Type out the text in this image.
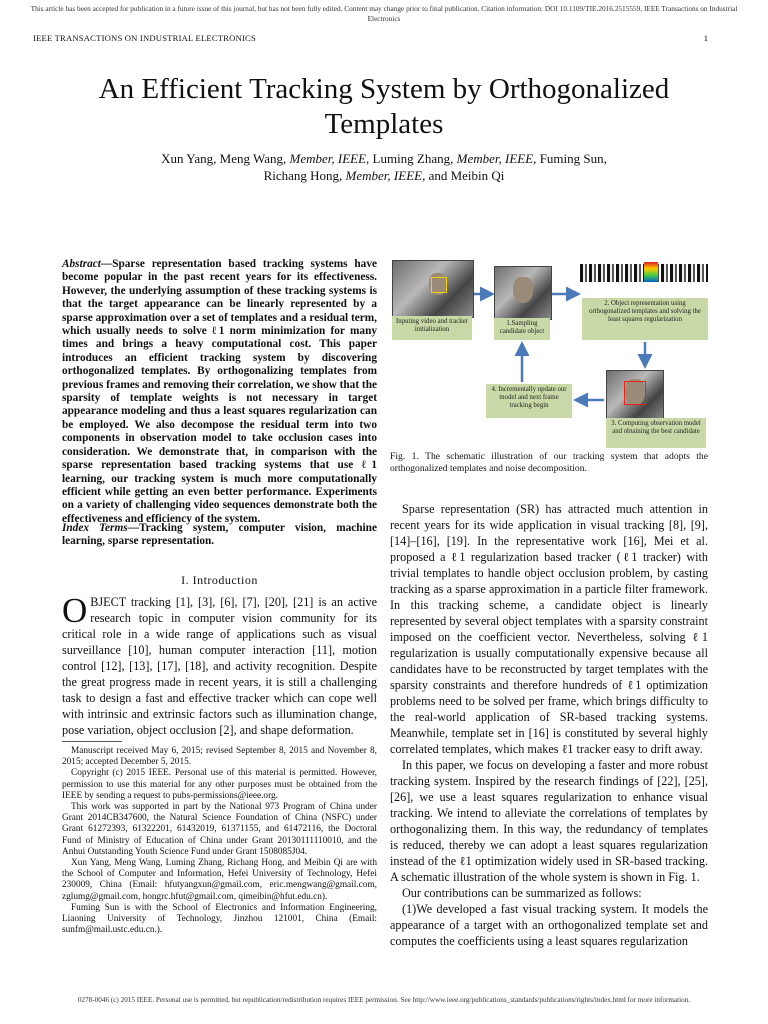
This article has been accepted for publication in a future issue of this journal, but has not been fully edited. Content may change prior to final publication. Citation information: DOI 10.1109/TIE.2016.2515559, IEEE Transactions on Industrial Electronics
IEEE TRANSACTIONS ON INDUSTRIAL ELECTRONICS	1
An Efficient Tracking System by Orthogonalized Templates
Xun Yang, Meng Wang, Member, IEEE, Luming Zhang, Member, IEEE, Fuming Sun,
Richang Hong, Member, IEEE, and Meibin Qi
Abstract—Sparse representation based tracking systems have become popular in the past recent years for its effectiveness. However, the underlying assumption of these tracking systems is that the target appearance can be linearly represented by a sparse approximation over a set of templates and a residual term, which usually needs to solve ℓ1 norm minimization for many times and brings a heavy computational cost. This paper introduces an efficient tracking system by discovering orthogonalized templates. By orthogonalizing templates from previous frames and removing their correlation, we show that the sparsity of template weights is not necessary in target appearance modeling and thus a least squares regularization can be employed. We also decompose the residual term into two components in observation model to take occlusion cases into consideration. We demonstrate that, in comparison with the sparse representation based tracking systems that use ℓ1 learning, our tracking system is much more computationally efficient while getting an even better performance. Experiments on a variety of challenging video sequences demonstrate both the effectiveness and efficiency of the system.
Index Terms—Tracking system, computer vision, machine learning, sparse representation.
I. Introduction
OBJECT tracking [1], [3], [6], [7], [20], [21] is an active research topic in computer vision community for its critical role in a wide range of applications such as visual surveillance [10], human computer interaction [11], motion control [12], [13], [17], [18], and activity recognition. Despite the great progress made in recent years, it is still a challenging task to design a fast and effective tracker which can cope well with intrinsic and extrinsic factors such as illumination change, pose variation, object occlusion [2], and shape deformation.

Manuscript received May 6, 2015; revised September 8, 2015 and November 8, 2015; accepted December 5, 2015.

Copyright (c) 2015 IEEE. Personal use of this material is permitted. However, permission to use this material for any other purposes must be obtained from the IEEE by sending a request to pubs-permissions@ieee.org.

This work was supported in part by the National 973 Program of China under Grant 2014CB347600, the Natural Science Foundation of China (NSFC) under Grant 61272393, 61322201, 61432019, 61371155, and 61472116, the Doctoral Fund of Ministry of Education of China under Grant 20130111110010, and the Anhui Outstanding Youth Science Fund under Grant 1508085J04.

Xun Yang, Meng Wang, Luming Zhang, Richang Hong, and Meibin Qi are with the School of Computer and Information, Hefei University of Technology, Hefei 230009, China (Email: hfutyangxun@gmail.com, eric.mengwang@gmail.com, zglumg@gmail.com, hongrc.hfut@gmail.com, qimeibin@hfut.edu.cn).

Fuming Sun is with the School of Electronics and Information Engineering, Liaoning University of Technology, Jinzhou 121001, China (Email: sunfm@mail.ustc.edu.cn.).

Inputing video and tracker initialization
1.Sampling candidate object
2. Object representation using orthogonalized templates and solving the least squares regularization
3. Computing observation model and obtaining the best candidate
4. Incrementally update our model and next frame tracking begin
Fig. 1. The schematic illustration of our tracking system that adopts the orthogonalized templates and noise decomposition.

Sparse representation (SR) has attracted much attention in recent years for its wide application in visual tracking [8], [9], [14]–[16], [19]. In the representative work [16], Mei et al. proposed a ℓ1 regularization based tracker (ℓ1 tracker) with trivial templates to handle object occlusion problem, by casting tracking as a sparse approximation in a particle filter framework. In this tracking scheme, a candidate object is linearly represented by several object templates with a sparsity constraint imposed on the coefficient vector. Nevertheless, solving ℓ1 regularization is usually computationally expensive because all candidates have to be reconstructed by target templates with the sparsity constraints and therefore hundreds of ℓ1 optimization problems need to be solved per frame, which brings difficulty to the real-world application of SR-based tracking systems. Meanwhile, template set in [16] is constituted by several highly correlated templates, which makes ℓ1 tracker easy to drift away.

In this paper, we focus on developing a faster and more robust tracking system. Inspired by the research findings of [22], [25], [26], we use a least squares regularization to enhance visual tracking. We intend to alleviate the correlations of templates by orthogonalizing them. In this way, the redundancy of templates is reduced, thereby we can adopt a least squares regularization instead of the ℓ1 optimization widely used in SR-based tracking. A schematic illustration of the whole system is shown in Fig. 1.

Our contributions can be summarized as follows:

(1)We developed a fast visual tracking system. It models the appearance of a target with an orthogonalized template set and computes the coefficients using a least squares regularization

0278-0046 (c) 2015 IEEE. Personal use is permitted, but republication/redistribution requires IEEE permission. See http://www.ieee.org/publications_standards/publications/rights/index.html for more information.
